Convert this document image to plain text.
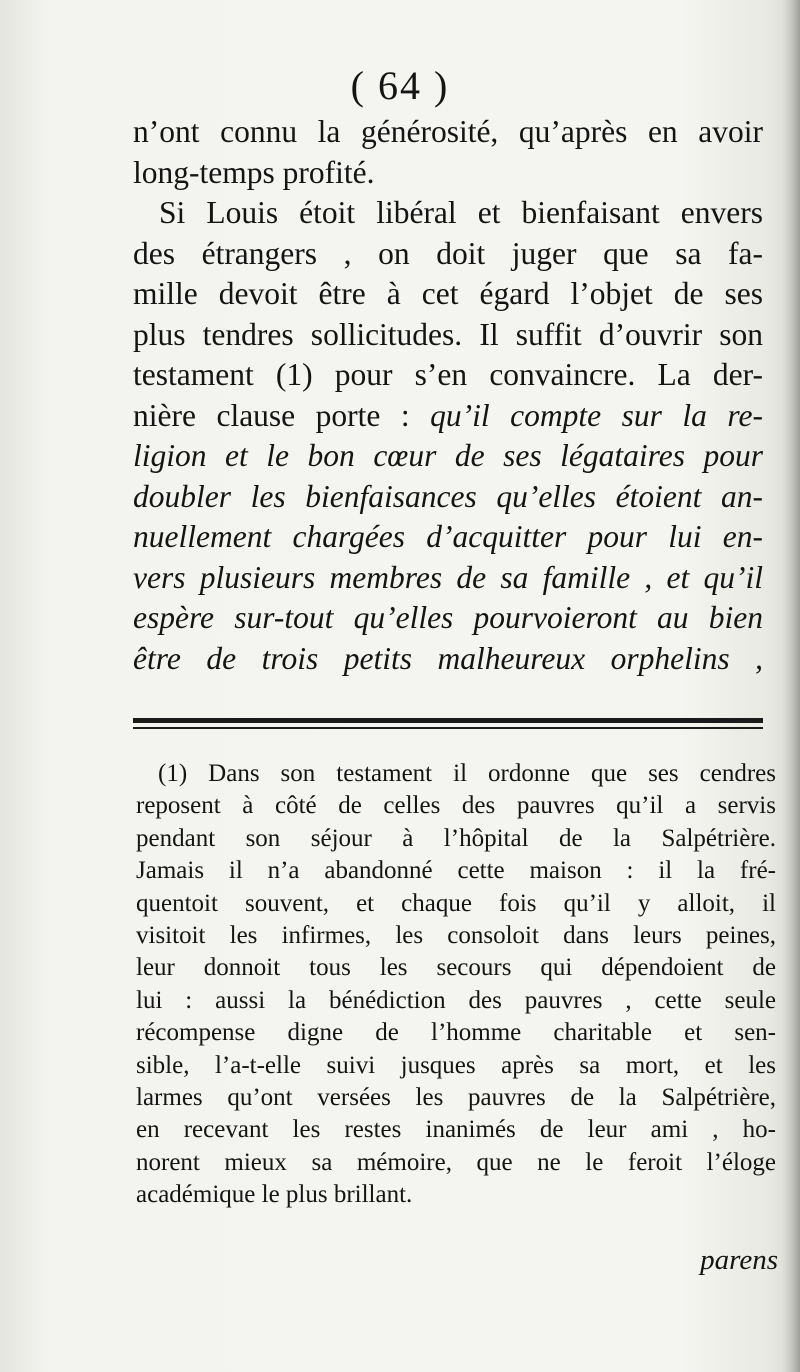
( 64 )
n’ont connu la générosité, qu’après en avoir
long-temps profité.
Si Louis étoit libéral et bienfaisant envers
des étrangers , on doit juger que sa fa-
mille devoit être à cet égard l’objet de ses
plus tendres sollicitudes. Il suffit d’ouvrir son
testament (1) pour s’en convaincre. La der-
nière clause porte : qu’il compte sur la re-
ligion et le bon cœur de ses légataires pour
doubler les bienfaisances qu’elles étoient an-
nuellement chargées d’acquitter pour lui en-
vers plusieurs membres de sa famille , et qu’il
espère sur-tout qu’elles pourvoieront au bien
être de trois petits malheureux orphelins ,
(1) Dans son testament il ordonne que ses cendres
reposent à côté de celles des pauvres qu’il a servis
pendant son séjour à l’hôpital de la Salpétrière.
Jamais il n’a abandonné cette maison : il la fré-
quentoit souvent, et chaque fois qu’il y alloit, il
visitoit les infirmes, les consoloit dans leurs peines,
leur donnoit tous les secours qui dépendoient de
lui : aussi la bénédiction des pauvres , cette seule
récompense digne de l’homme charitable et sen-
sible, l’a-t-elle suivi jusques après sa mort, et les
larmes qu’ont versées les pauvres de la Salpétrière,
en recevant les restes inanimés de leur ami , ho-
norent mieux sa mémoire, que ne le feroit l’éloge
académique le plus brillant.
parens
